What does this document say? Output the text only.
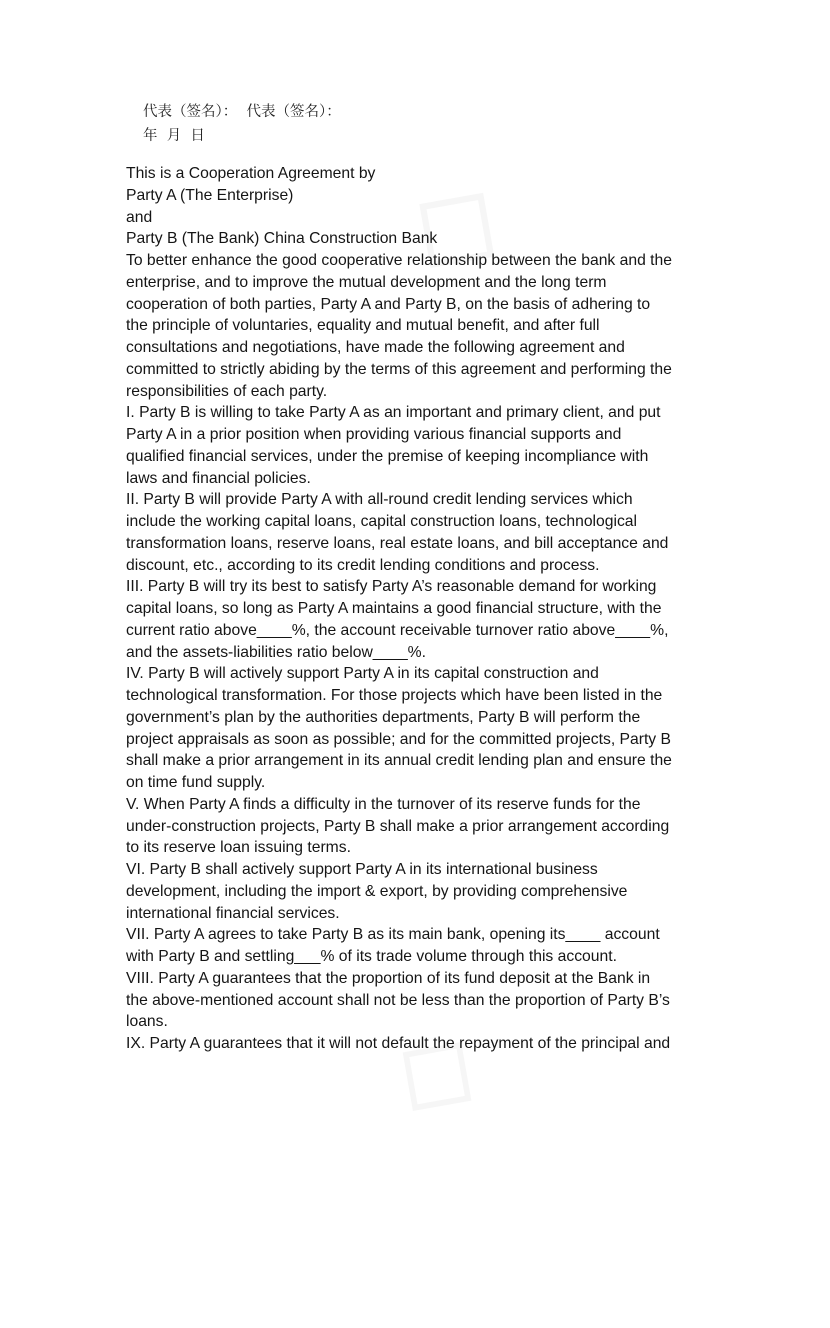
代表（签名）：  代表（签名）：
年  月  日
This is a Cooperation Agreement by
Party A (The Enterprise)
and
Party B (The Bank) China Construction Bank
To better enhance the good cooperative relationship between the bank and the
enterprise, and to improve the mutual development and the long term
cooperation of both parties, Party A and Party B, on the basis of adhering to
the principle of voluntaries, equality and mutual benefit, and after full
consultations and negotiations, have made the following agreement and
committed to strictly abiding by the terms of this agreement and performing the
responsibilities of each party.
I. Party B is willing to take Party A as an important and primary client, and put
Party A in a prior position when providing various financial supports and
qualified financial services, under the premise of keeping incompliance with
laws and financial policies.
II. Party B will provide Party A with all-round credit lending services which
include the working capital loans, capital construction loans, technological
transformation loans, reserve loans, real estate loans, and bill acceptance and
discount, etc., according to its credit lending conditions and process.
III. Party B will try its best to satisfy Party A’s reasonable demand for working
capital loans, so long as Party A maintains a good financial structure, with the
current ratio above____%, the account receivable turnover ratio above____%,
and the assets-liabilities ratio below____%.
IV. Party B will actively support Party A in its capital construction and
technological transformation. For those projects which have been listed in the
government’s plan by the authorities departments, Party B will perform the
project appraisals as soon as possible; and for the committed projects, Party B
shall make a prior arrangement in its annual credit lending plan and ensure the
on time fund supply.
V. When Party A finds a difficulty in the turnover of its reserve funds for the
under-construction projects, Party B shall make a prior arrangement according
to its reserve loan issuing terms.
VI. Party B shall actively support Party A in its international business
development, including the import & export, by providing comprehensive
international financial services.
VII. Party A agrees to take Party B as its main bank, opening its____ account
with Party B and settling___% of its trade volume through this account.
VIII. Party A guarantees that the proportion of its fund deposit at the Bank in
the above-mentioned account shall not be less than the proportion of Party B’s
loans.
IX. Party A guarantees that it will not default the repayment of the principal and
